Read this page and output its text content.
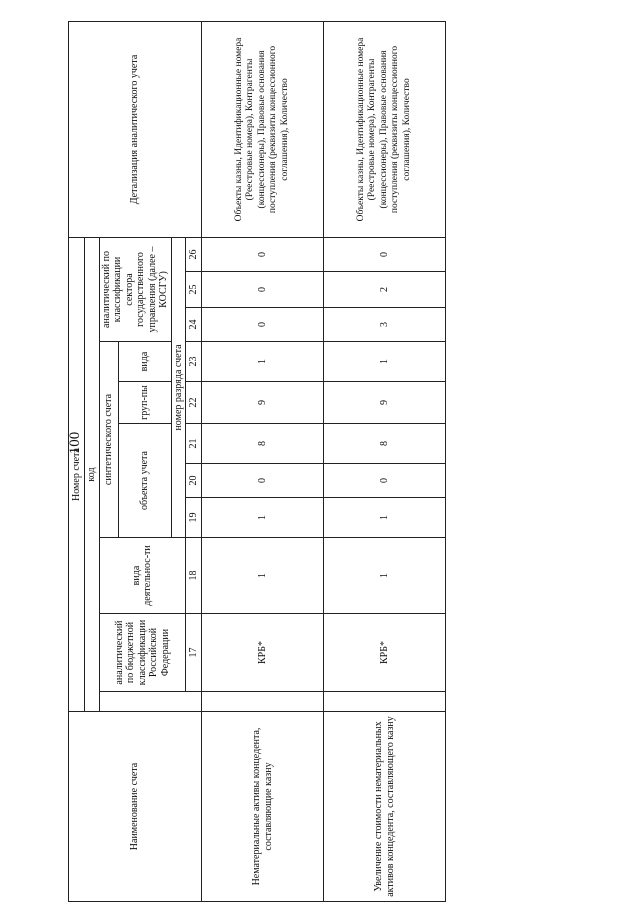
100
Наименование счета	Номер счета											Детализация аналитического учета
	код											
		аналитический по бюджетной классификации Российской Федерации	вида деятельнос-ти	синтетического счета					аналитический по классификации сектора государственного управления (далее – КОСГУ)			
				объекта учета			груп-пы	вида				
				номер разряда счета								
		17	18	19	20	21	22	23	24	25	26	
Нематериальные активы концедента, составляющие казну		КРБ*	1	1	0	8	9	1	0	0	0	Объекты казны, Идентификационные номера (Реестровые номера), Контрагенты (концессионеры), Правовые основания поступления (реквизиты концессионного соглашения), Количество
Увеличение стоимости нематериальных активов концедента, составляющего казну		КРБ*	1	1	0	8	9	1	3	2	0	Объекты казны, Идентификационные номера (Реестровые номера), Контрагенты (концессионеры), Правовые основания поступления (реквизиты концессионного соглашения), Количество
